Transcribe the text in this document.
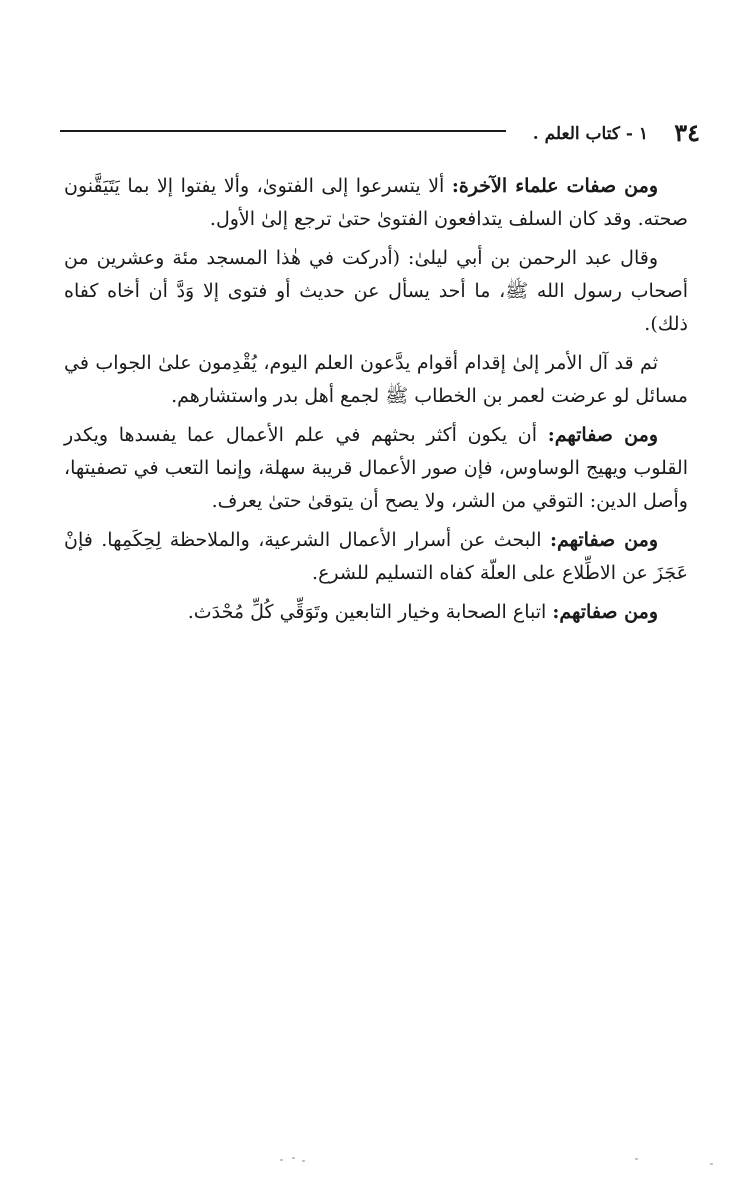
٣٤
١ - كتاب العلم .

ومن صفات علماء الآخرة: ألا يتسرعوا إلى الفتوىٰ، وألا يفتوا إلا بما يَتَيَقَّنون صحته. وقد كان السلف يتدافعون الفتوىٰ حتىٰ ترجع إلىٰ الأول.

وقال عبد الرحمن بن أبي ليلىٰ: (أدركت في هٰذا المسجد مئة وعشرين من أصحاب رسول الله ﷺ، ما أحد يسأل عن حديث أو فتوى إلا وَدَّ أن أخاه كفاه ذلك).

ثم قد آل الأمر إلىٰ إقدام أقوام يدَّعون العلم اليوم، يُقْدِمون علىٰ الجواب في مسائل لو عرضت لعمر بن الخطاب ﷺ لجمع أهل بدر واستشارهم.

ومن صفاتهم: أن يكون أكثر بحثهم في علم الأعمال عما يفسدها ويكدر القلوب ويهيج الوساوس، فإن صور الأعمال قريبة سهلة، وإنما التعب في تصفيتها، وأصل الدين: التوقي من الشر، ولا يصح أن يتوقىٰ حتىٰ يعرف.

ومن صفاتهم: البحث عن أسرار الأعمال الشرعية، والملاحظة لِحِكَمِها. فإنْ عَجَزَ عن الاطِّلاع على العلّة كفاه التسليم للشرع.

ومن صفاتهم: اتباع الصحابة وخيار التابعين وتَوَقِّي كُلِّ مُحْدَث.
